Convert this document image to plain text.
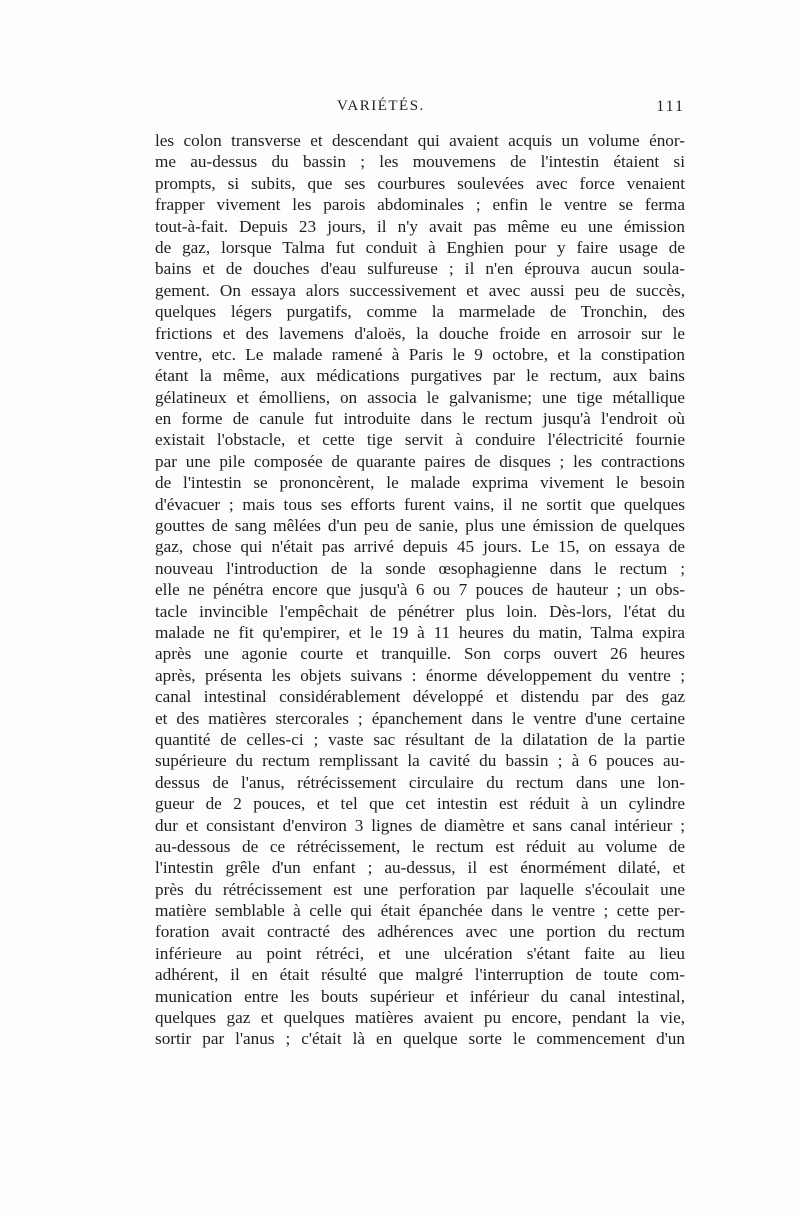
VARIÉTÉS.	111
les colon transverse et descendant qui avaient acquis un volume énor-
me au-dessus du bassin ; les mouvemens de l'intestin étaient si
prompts, si subits, que ses courbures soulevées avec force venaient
frapper vivement les parois abdominales ; enfin le ventre se ferma
tout-à-fait. Depuis 23 jours, il n'y avait pas même eu une émission
de gaz, lorsque Talma fut conduit à Enghien pour y faire usage de
bains et de douches d'eau sulfureuse ; il n'en éprouva aucun soula-
gement. On essaya alors successivement et avec aussi peu de succès,
quelques légers purgatifs, comme la marmelade de Tronchin, des
frictions et des lavemens d'aloës, la douche froide en arrosoir sur le
ventre, etc. Le malade ramené à Paris le 9 octobre, et la constipation
étant la même, aux médications purgatives par le rectum, aux bains
gélatineux et émolliens, on associa le galvanisme; une tige métallique
en forme de canule fut introduite dans le rectum jusqu'à l'endroit où
existait l'obstacle, et cette tige servit à conduire l'électricité fournie
par une pile composée de quarante paires de disques ; les contractions
de l'intestin se prononcèrent, le malade exprima vivement le besoin
d'évacuer ; mais tous ses efforts furent vains, il ne sortit que quelques
gouttes de sang mêlées d'un peu de sanie, plus une émission de quelques
gaz, chose qui n'était pas arrivé depuis 45 jours. Le 15, on essaya de
nouveau l'introduction de la sonde œsophagienne dans le rectum ;
elle ne pénétra encore que jusqu'à 6 ou 7 pouces de hauteur ; un obs-
tacle invincible l'empêchait de pénétrer plus loin. Dès-lors, l'état du
malade ne fit qu'empirer, et le 19 à 11 heures du matin, Talma expira
après une agonie courte et tranquille. Son corps ouvert 26 heures
après, présenta les objets suivans : énorme développement du ventre ;
canal intestinal considérablement développé et distendu par des gaz
et des matières stercorales ; épanchement dans le ventre d'une certaine
quantité de celles-ci ; vaste sac résultant de la dilatation de la partie
supérieure du rectum remplissant la cavité du bassin ; à 6 pouces au-
dessus de l'anus, rétrécissement circulaire du rectum dans une lon-
gueur de 2 pouces, et tel que cet intestin est réduit à un cylindre
dur et consistant d'environ 3 lignes de diamètre et sans canal intérieur ;
au-dessous de ce rétrécissement, le rectum est réduit au volume de
l'intestin grêle d'un enfant ; au-dessus, il est énormément dilaté, et
près du rétrécissement est une perforation par laquelle s'écoulait une
matière semblable à celle qui était épanchée dans le ventre ; cette per-
foration avait contracté des adhérences avec une portion du rectum
inférieure au point rétréci, et une ulcération s'étant faite au lieu
adhérent, il en était résulté que malgré l'interruption de toute com-
munication entre les bouts supérieur et inférieur du canal intestinal,
quelques gaz et quelques matières avaient pu encore, pendant la vie,
sortir par l'anus ; c'était là en quelque sorte le commencement d'un
